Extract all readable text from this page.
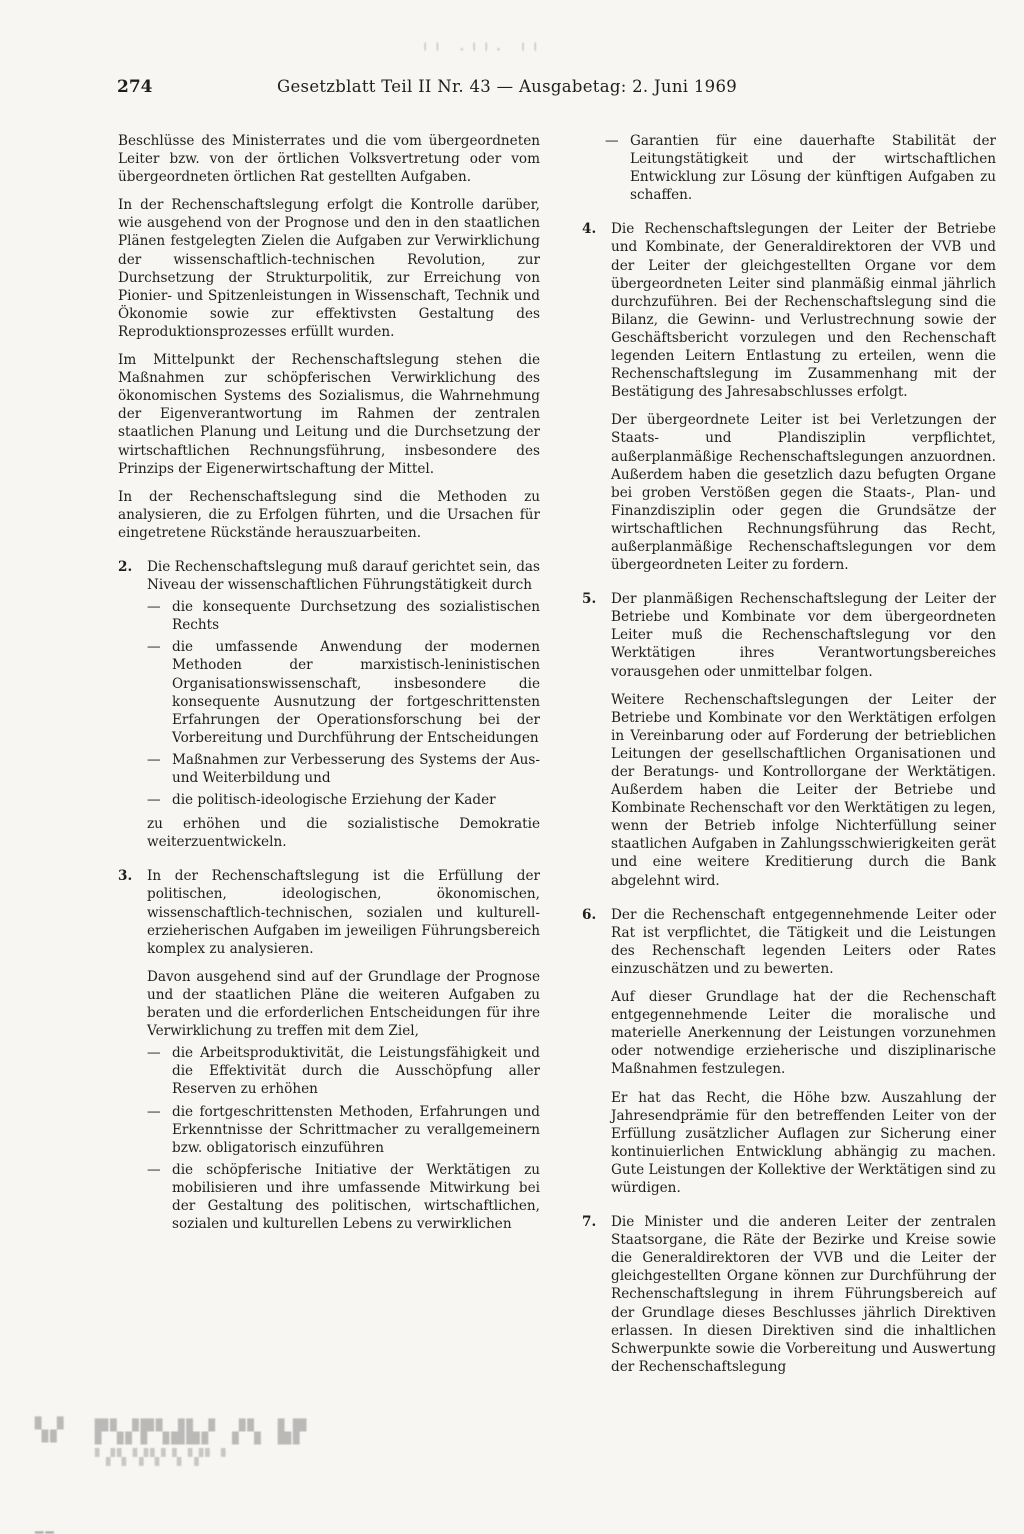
ꞋꞋ ·ꞋꞋ· ꞋꞋ
▚▞ ▛▚▞▛▚▟▙▞ ▞▚ ▙▛
▘▞▚▝▞▚▘▚▝▞▘▝
▁▁
274	Gesetzblatt Teil II Nr. 43 — Ausgabetag: 2. Juni 1969

Beschlüsse des Ministerrates und die vom übergeordneten Leiter bzw. von der örtlichen Volksvertretung oder vom übergeordneten örtlichen Rat gestellten Aufgaben.

In der Rechenschaftslegung erfolgt die Kontrolle darüber, wie ausgehend von der Prognose und den in den staatlichen Plänen festgelegten Zielen die Aufgaben zur Verwirklichung der wissenschaftlich-technischen Revolution, zur Durchsetzung der Strukturpolitik, zur Erreichung von Pionier- und Spitzenleistungen in Wissenschaft, Technik und Ökonomie sowie zur effektivsten Gestaltung des Reproduktionsprozesses erfüllt wurden.

Im Mittelpunkt der Rechenschaftslegung stehen die Maßnahmen zur schöpferischen Verwirklichung des ökonomischen Systems des Sozialismus, die Wahrnehmung der Eigenverantwortung im Rahmen der zentralen staatlichen Planung und Leitung und die Durchsetzung der wirtschaftlichen Rechnungsführung, insbesondere des Prinzips der Eigenerwirtschaftung der Mittel.

In der Rechenschaftslegung sind die Methoden zu analysieren, die zu Erfolgen führten, und die Ursachen für eingetretene Rückstände herauszuarbeiten.

2. Die Rechenschaftslegung muß darauf gerichtet sein, das Niveau der wissenschaftlichen Führungstätigkeit durch

— die konsequente Durchsetzung des sozialistischen Rechts
— die umfassende Anwendung der modernen Methoden der marxistisch-leninistischen Organisationswissenschaft, insbesondere die konsequente Ausnutzung der fortgeschrittensten Erfahrungen der Operationsforschung bei der Vorbereitung und Durchführung der Entscheidungen
— Maßnahmen zur Verbesserung des Systems der Aus- und Weiterbildung und
— die politisch-ideologische Erziehung der Kader

zu erhöhen und die sozialistische Demokratie weiterzuentwickeln.

3. In der Rechenschaftslegung ist die Erfüllung der politischen, ideologischen, ökonomischen, wissenschaftlich-technischen, sozialen und kulturell-erzieherischen Aufgaben im jeweiligen Führungsbereich komplex zu analysieren.

Davon ausgehend sind auf der Grundlage der Prognose und der staatlichen Pläne die weiteren Aufgaben zu beraten und die erforderlichen Entscheidungen für ihre Verwirklichung zu treffen mit dem Ziel,

— die Arbeitsproduktivität, die Leistungsfähigkeit und die Effektivität durch die Ausschöpfung aller Reserven zu erhöhen
— die fortgeschrittensten Methoden, Erfahrungen und Erkenntnisse der Schrittmacher zu verallgemeinern bzw. obligatorisch einzuführen
— die schöpferische Initiative der Werktätigen zu mobilisieren und ihre umfassende Mitwirkung bei der Gestaltung des politischen, wirtschaftlichen, sozialen und kulturellen Lebens zu verwirklichen
— Garantien für eine dauerhafte Stabilität der Leitungstätigkeit und der wirtschaftlichen Entwicklung zur Lösung der künftigen Aufgaben zu schaffen.
4. Die Rechenschaftslegungen der Leiter der Betriebe und Kombinate, der Generaldirektoren der VVB und der Leiter der gleichgestellten Organe vor dem übergeordneten Leiter sind planmäßig einmal jährlich durchzuführen. Bei der Rechenschaftslegung sind die Bilanz, die Gewinn- und Verlustrechnung sowie der Geschäftsbericht vorzulegen und den Rechenschaft legenden Leitern Entlastung zu erteilen, wenn die Rechenschaftslegung im Zusammenhang mit der Bestätigung des Jahresabschlusses erfolgt.

Der übergeordnete Leiter ist bei Verletzungen der Staats- und Plandisziplin verpflichtet, außerplanmäßige Rechenschaftslegungen anzuordnen. Außerdem haben die gesetzlich dazu befugten Organe bei groben Verstößen gegen die Staats-, Plan- und Finanzdisziplin oder gegen die Grundsätze der wirtschaftlichen Rechnungsführung das Recht, außerplanmäßige Rechenschaftslegungen vor dem übergeordneten Leiter zu fordern.

5. Der planmäßigen Rechenschaftslegung der Leiter der Betriebe und Kombinate vor dem übergeordneten Leiter muß die Rechenschaftslegung vor den Werktätigen ihres Verantwortungsbereiches vorausgehen oder unmittelbar folgen.

Weitere Rechenschaftslegungen der Leiter der Betriebe und Kombinate vor den Werktätigen erfolgen in Vereinbarung oder auf Forderung der betrieblichen Leitungen der gesellschaftlichen Organisationen und der Beratungs- und Kontrollorgane der Werktätigen. Außerdem haben die Leiter der Betriebe und Kombinate Rechenschaft vor den Werktätigen zu legen, wenn der Betrieb infolge Nichterfüllung seiner staatlichen Aufgaben in Zahlungsschwierigkeiten gerät und eine weitere Kreditierung durch die Bank abgelehnt wird.

6. Der die Rechenschaft entgegennehmende Leiter oder Rat ist verpflichtet, die Tätigkeit und die Leistungen des Rechenschaft legenden Leiters oder Rates einzuschätzen und zu bewerten.

Auf dieser Grundlage hat der die Rechenschaft entgegennehmende Leiter die moralische und materielle Anerkennung der Leistungen vorzunehmen oder notwendige erzieherische und disziplinarische Maßnahmen festzulegen.

Er hat das Recht, die Höhe bzw. Auszahlung der Jahresendprämie für den betreffenden Leiter von der Erfüllung zusätzlicher Auflagen zur Sicherung einer kontinuierlichen Entwicklung abhängig zu machen. Gute Leistungen der Kollektive der Werktätigen sind zu würdigen.

7. Die Minister und die anderen Leiter der zentralen Staatsorgane, die Räte der Bezirke und Kreise sowie die Generaldirektoren der VVB und die Leiter der gleichgestellten Organe können zur Durchführung der Rechenschaftslegung in ihrem Führungsbereich auf der Grundlage dieses Beschlusses jährlich Direktiven erlassen. In diesen Direktiven sind die inhaltlichen Schwerpunkte sowie die Vorbereitung und Auswertung der Rechenschaftslegung
